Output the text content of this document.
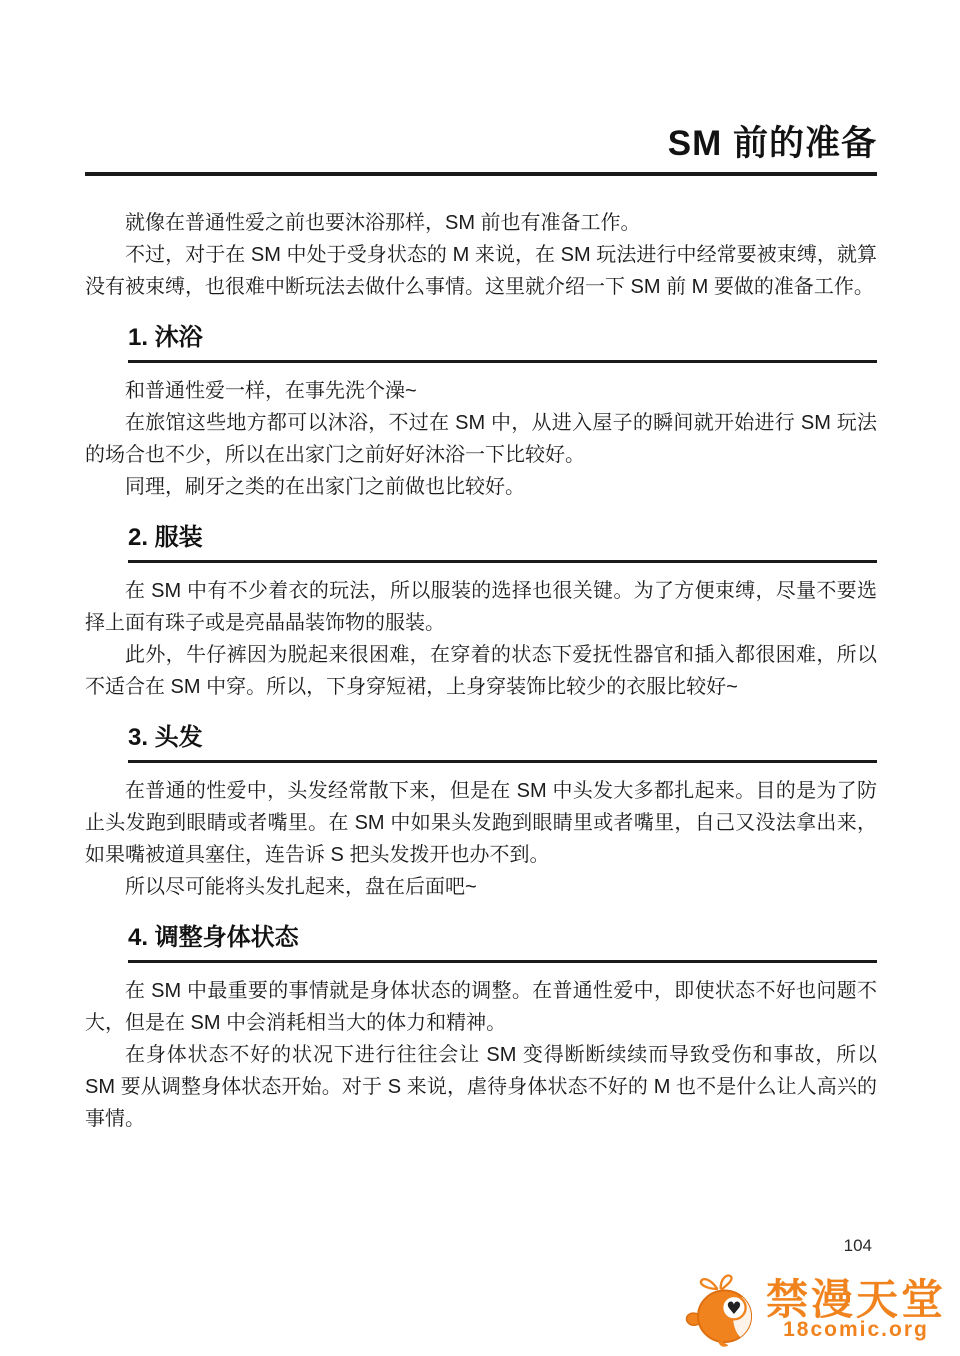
SM 前的准备

就像在普通性爱之前也要沐浴那样，SM 前也有准备工作。

不过，对于在 SM 中处于受身状态的 M 来说，在 SM 玩法进行中经常要被束缚，就算没有被束缚，也很难中断玩法去做什么事情。这里就介绍一下 SM 前 M 要做的准备工作。

1. 沐浴

和普通性爱一样，在事先洗个澡~

在旅馆这些地方都可以沐浴，不过在 SM 中，从进入屋子的瞬间就开始进行 SM 玩法的场合也不少，所以在出家门之前好好沐浴一下比较好。

同理，刷牙之类的在出家门之前做也比较好。

2. 服装

在 SM 中有不少着衣的玩法，所以服装的选择也很关键。为了方便束缚，尽量不要选择上面有珠子或是亮晶晶装饰物的服装。

此外，牛仔裤因为脱起来很困难，在穿着的状态下爱抚性器官和插入都很困难，所以不适合在 SM 中穿。所以，下身穿短裙，上身穿装饰比较少的衣服比较好~

3. 头发

在普通的性爱中，头发经常散下来，但是在 SM 中头发大多都扎起来。目的是为了防止头发跑到眼睛或者嘴里。在 SM 中如果头发跑到眼睛里或者嘴里，自己又没法拿出来，如果嘴被道具塞住，连告诉 S 把头发拨开也办不到。

所以尽可能将头发扎起来，盘在后面吧~

4. 调整身体状态

在 SM 中最重要的事情就是身体状态的调整。在普通性爱中，即使状态不好也问题不大，但是在 SM 中会消耗相当大的体力和精神。

在身体状态不好的状况下进行往往会让 SM 变得断断续续而导致受伤和事故，所以 SM 要从调整身体状态开始。对于 S 来说，虐待身体状态不好的 M 也不是什么让人高兴的事情。

104
♥ 禁漫天堂
18comic.org
